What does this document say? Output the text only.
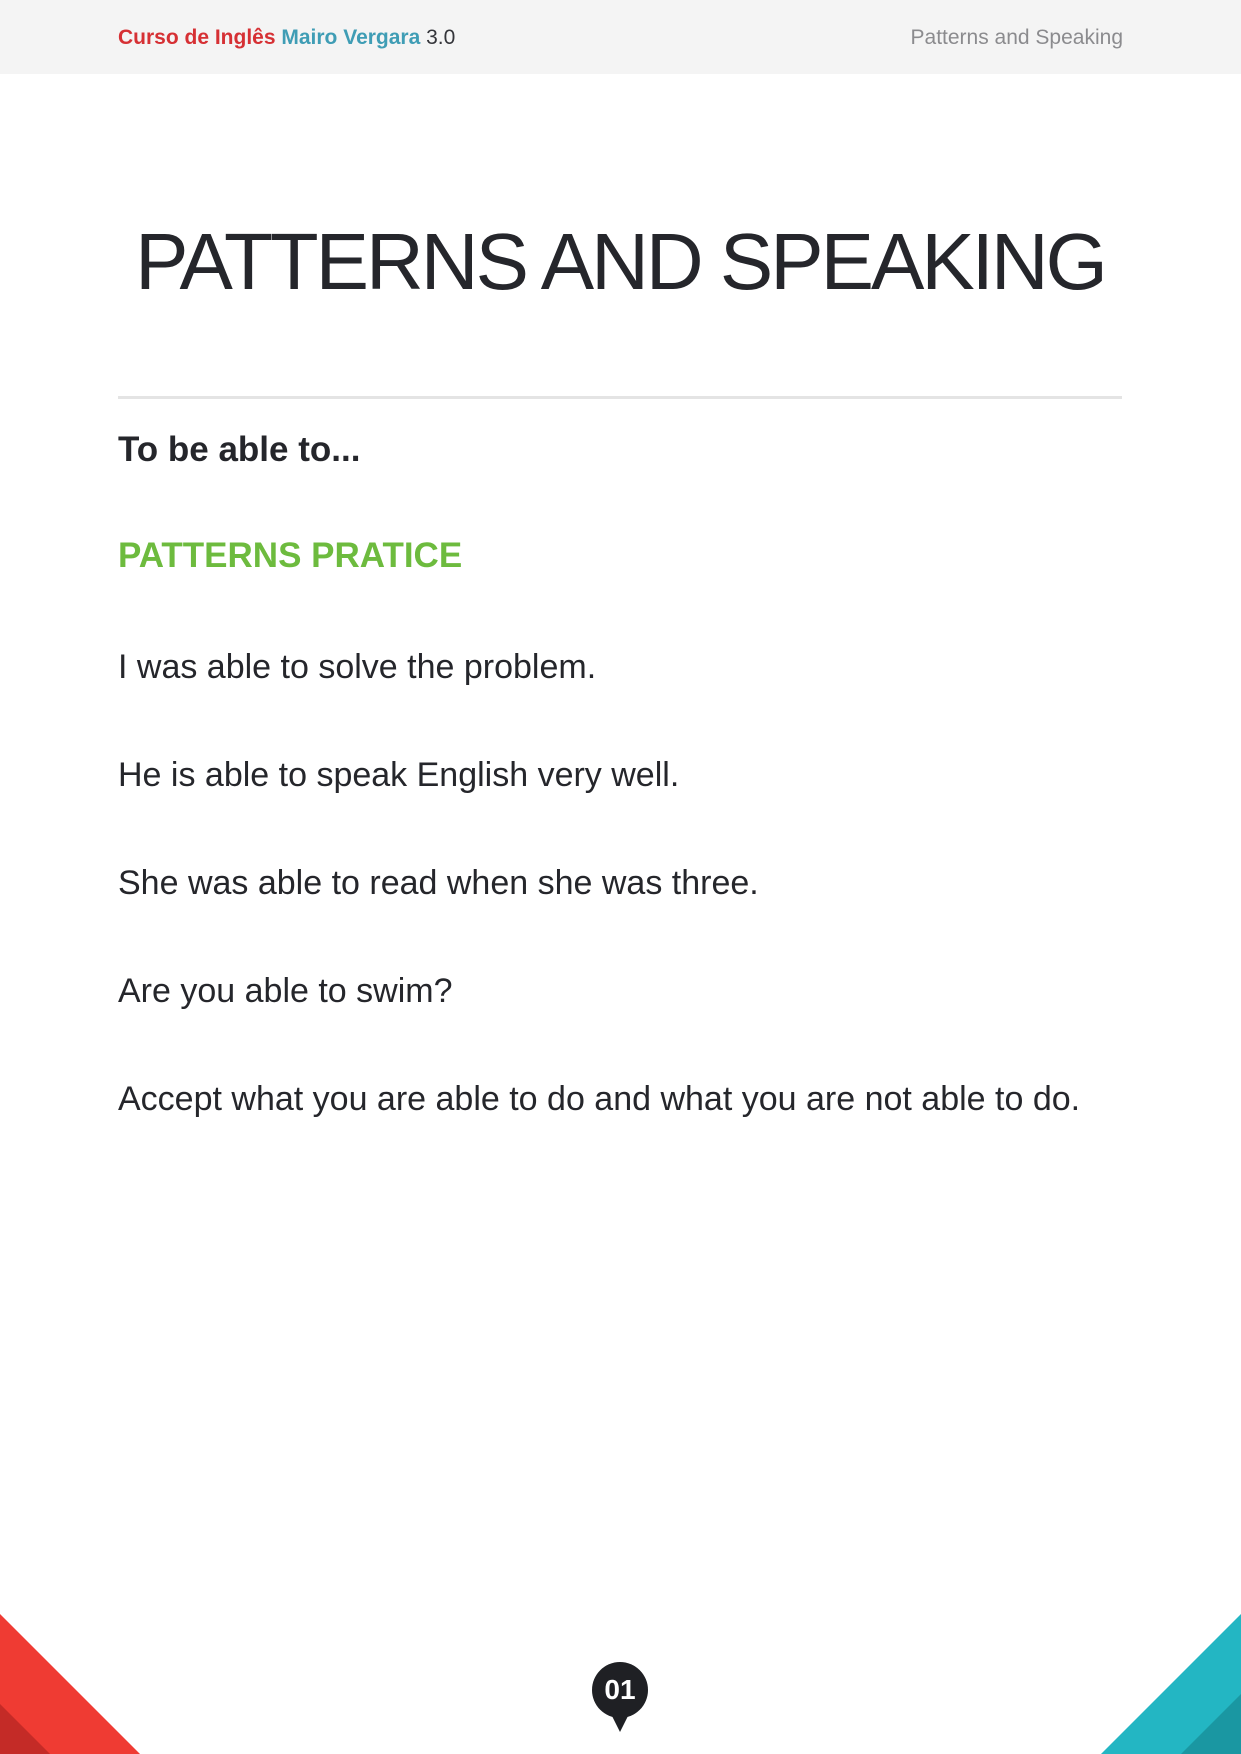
Curso de Inglês Mairo Vergara 3.0	Patterns and Speaking
PATTERNS AND SPEAKING
To be able to...
PATTERNS PRATICE
I was able to solve the problem.
He is able to speak English very well.
She was able to read when she was three.
Are you able to swim?
Accept what you are able to do and what you are not able to do.
01
